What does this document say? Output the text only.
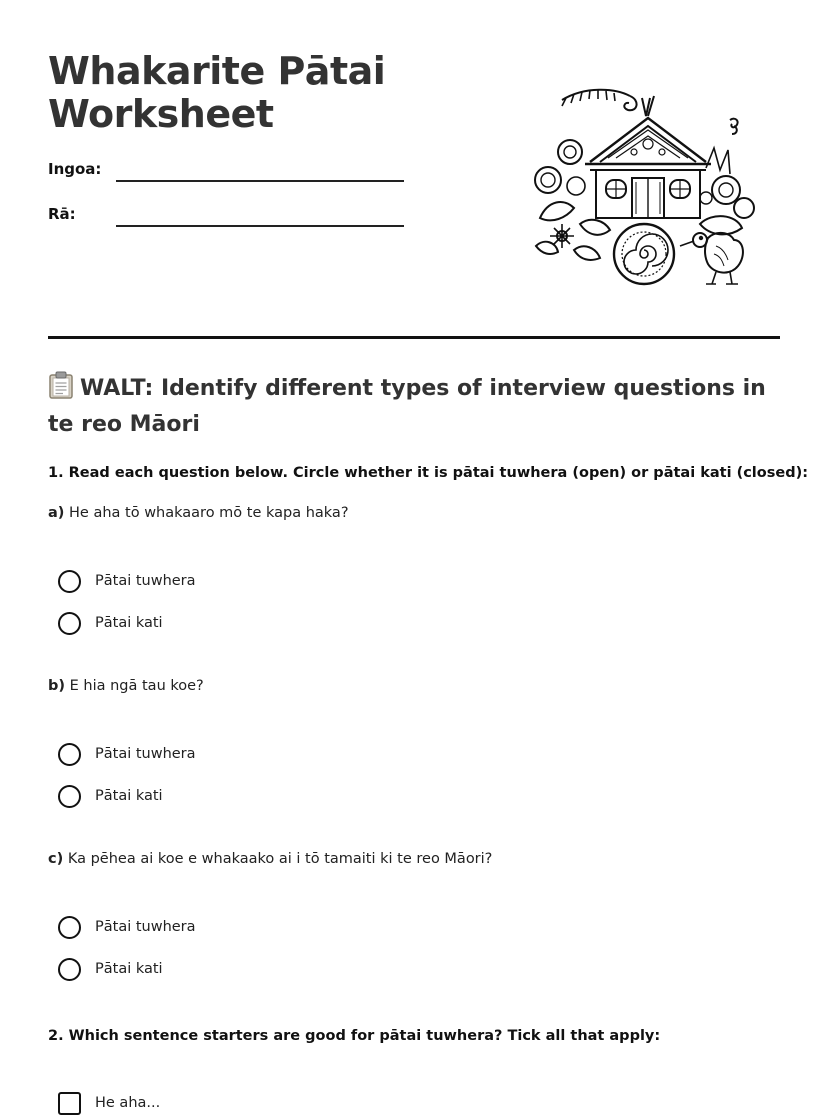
Whakarite Pātai
Worksheet
Ingoa:
Rā:
WALT: Identify different types of interview questions in te reo Māori

1. Read each question below. Circle whether it is pātai tuwhera (open) or pātai kati (closed):

a) He aha tō whakaaro mō te kapa haka?

Pātai tuwhera
Pātai kati

b) E hia ngā tau koe?

Pātai tuwhera
Pātai kati

c) Ka pēhea ai koe e whakaako ai i tō tamaiti ki te reo Māori?

Pātai tuwhera
Pātai kati

2. Which sentence starters are good for pātai tuwhera? Tick all that apply:

He aha...
